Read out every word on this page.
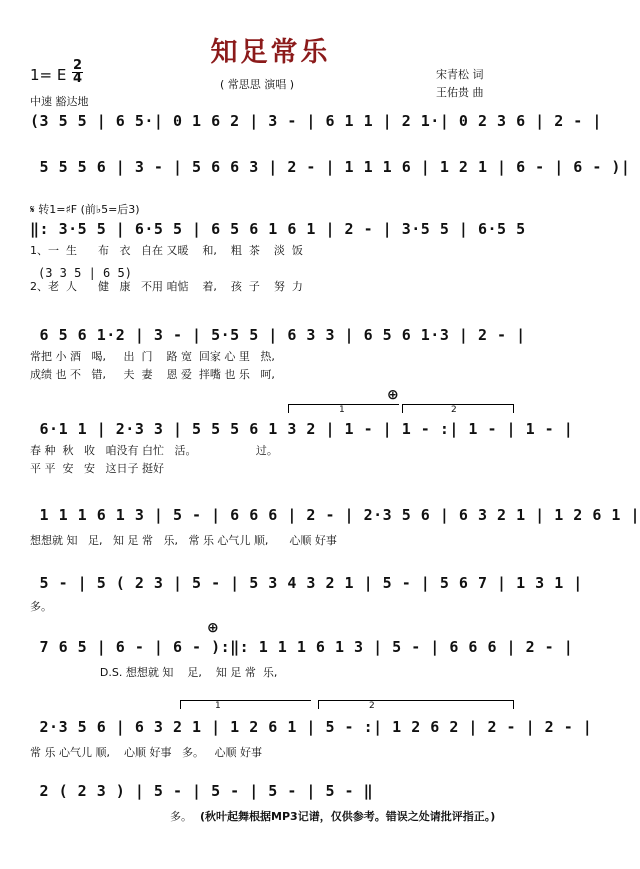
知足常乐
1= E
2
4
中速 豁达地
( 常思思 演唱 )
宋青松 词
王佑贵 曲
(3 5 5 | 6 5·| 0 1 6 2 | 3 - | 6 1 1 | 2 1·| 0 2 3 6 | 2 - |
5 5 5 6 | 3 - | 5 6 6 3 | 2 - | 1 1 1 6 | 1 2 1 | 6 - | 6 - )|
𝄋 转1=♯F (前♭5=后3)
‖: 3·5 5 | 6·5 5 | 6 5 6 1 6 1 | 2 - | 3·5 5 | 6·5 5
1、一  生      布   衣   自在 又暖    和,    粗  茶    淡  饭
2、老  人      健   康   不用 咱惦    着,    孩  子    努  力
(3 3 5 | 6 5)
6 5 6 1·2 | 3 - | 5·5 5 | 6 3 3 | 6 5 6 1·3 | 2 - |
常把 小 酒   喝,     出  门    路 宽  回家 心 里   热,
成绩 也 不   错,     夫  妻    恩 爱  拌嘴 也 乐   呵,
1	2
⊕
6·1 1 | 2·3 3 | 5 5 5 6 1 3 2 | 1 - | 1 - :| 1 - | 1 - |
春 种  秋   收   咱没有 白忙   活。                 过。
平 平  安   安   这日子 挺好
1 1 1 6 1 3 | 5 - | 6 6 6 | 2 - | 2·3 5 6 | 6 3 2 1 | 1 2 6 1 |
想想就 知   足,   知 足 常   乐,   常 乐 心气儿 顺,      心顺 好事
5 - | 5 ( 2 3 | 5 - | 5 3 4 3 2 1 | 5 - | 5 6 7 | 1 3 1 |
多。
⊕
7 6 5 | 6 - | 6 - ):‖: 1 1 1 6 1 3 | 5 - | 6 6 6 | 2 - |
D.S. 想想就 知    足,    知 足 常  乐,
1	2
2·3 5 6 | 6 3 2 1 | 1 2 6 1 | 5 - :| 1 2 6 2 | 2 - | 2 - |
常 乐 心气儿 顺,    心顺 好事   多。   心顺 好事
2 ( 2 3 ) | 5 - | 5 - | 5 - | 5 - ‖
多。 (秋叶起舞根据MP3记谱，仅供参考。错误之处请批评指正。)
